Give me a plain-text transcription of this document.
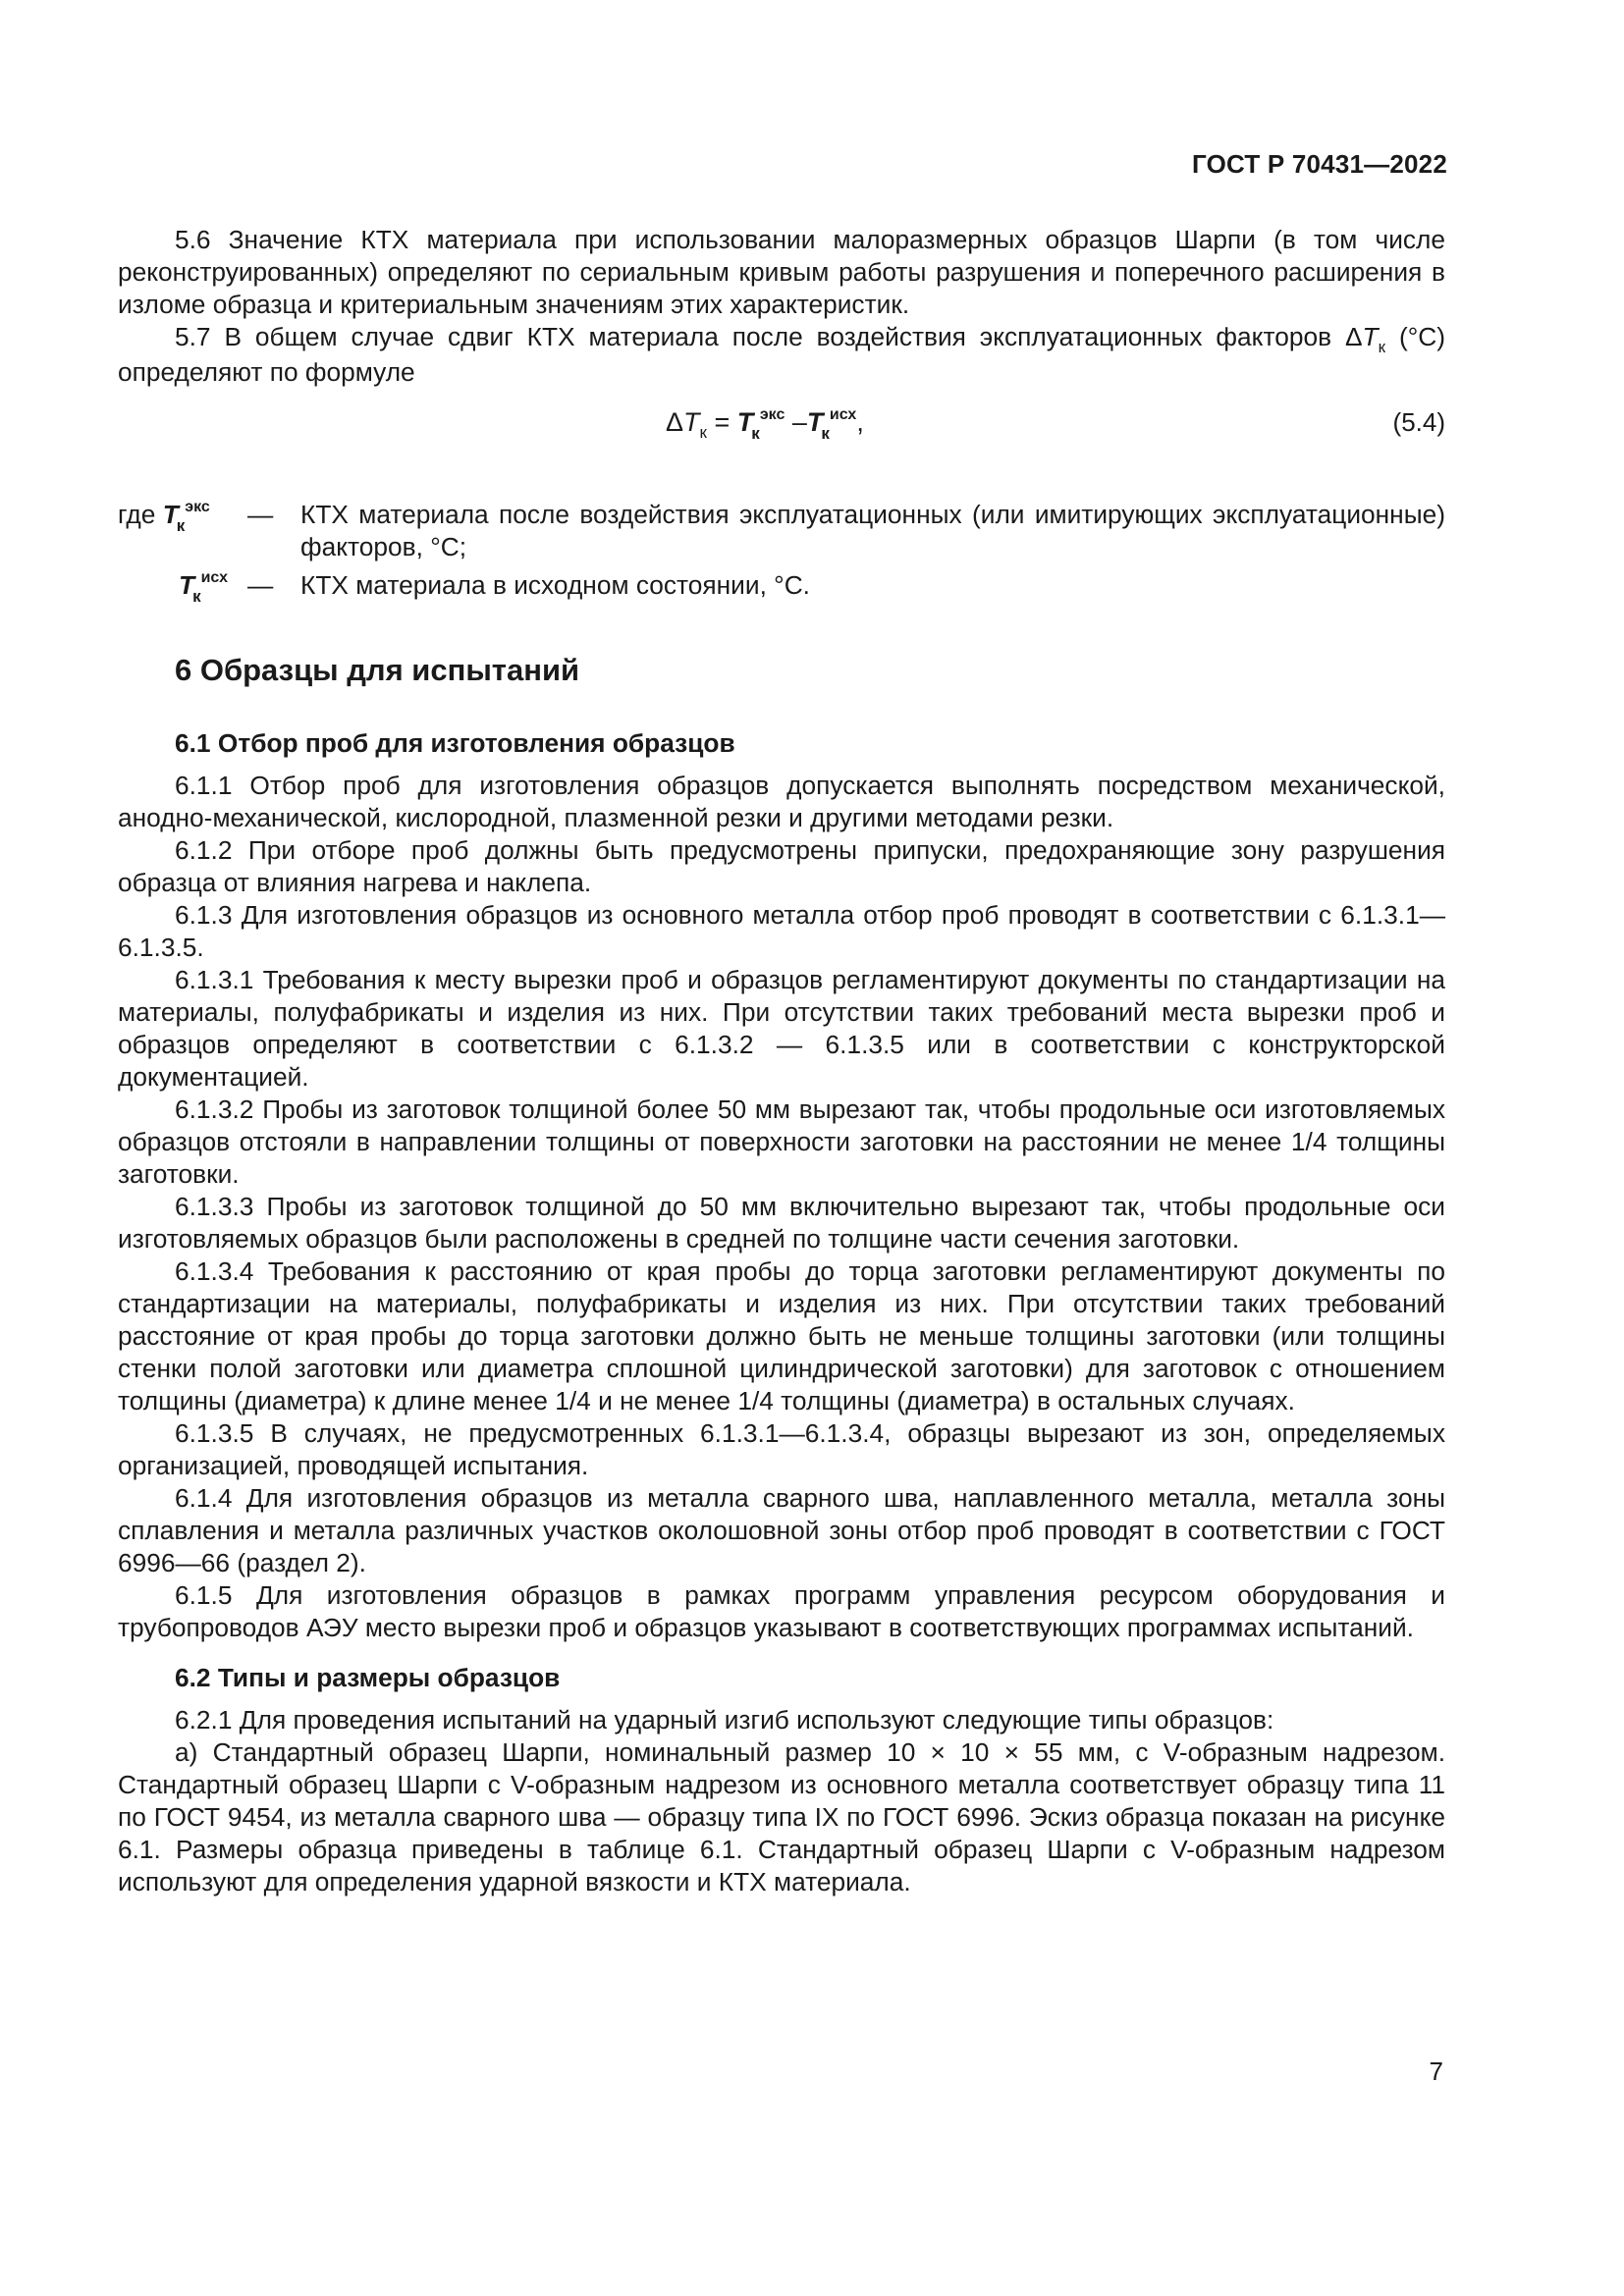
ГОСТ Р 70431—2022

5.6 Значение КТХ материала при использовании малоразмерных образцов Шарпи (в том числе реконструированных) определяют по сериальным кривым работы разрушения и поперечного расширения в изломе образца и критериальным значениям этих характеристик.

5.7 В общем случае сдвиг КТХ материала после воздействия эксплуатационных факторов $\Delta T_к$ (°C) определяют по формуле

$\Delta T_к = T_к^{экс}$ $-T_к^{исх}$,	(5.4)
где $T_к^{экс}$	—	КТХ материала после воздействия эксплуатационных (или имитирующих эксплуатационные) факторов, °C;
$T_к^{исх}$ —	КТХ материала в исходном состоянии, °C.
6 Образцы для испытаний
6.1 Отбор проб для изготовления образцов

6.1.1 Отбор проб для изготовления образцов допускается выполнять посредством механической, анодно-механической, кислородной, плазменной резки и другими методами резки.

6.1.2 При отборе проб должны быть предусмотрены припуски, предохраняющие зону разрушения образца от влияния нагрева и наклепа.

6.1.3 Для изготовления образцов из основного металла отбор проб проводят в соответствии с 6.1.3.1—6.1.3.5.

6.1.3.1 Требования к месту вырезки проб и образцов регламентируют документы по стандартизации на материалы, полуфабрикаты и изделия из них. При отсутствии таких требований места вырезки проб и образцов определяют в соответствии с 6.1.3.2 — 6.1.3.5 или в соответствии с конструкторской документацией.

6.1.3.2 Пробы из заготовок толщиной более 50 мм вырезают так, чтобы продольные оси изготовляемых образцов отстояли в направлении толщины от поверхности заготовки на расстоянии не менее 1/4 толщины заготовки.

6.1.3.3 Пробы из заготовок толщиной до 50 мм включительно вырезают так, чтобы продольные оси изготовляемых образцов были расположены в средней по толщине части сечения заготовки.

6.1.3.4 Требования к расстоянию от края пробы до торца заготовки регламентируют документы по стандартизации на материалы, полуфабрикаты и изделия из них. При отсутствии таких требований расстояние от края пробы до торца заготовки должно быть не меньше толщины заготовки (или толщины стенки полой заготовки или диаметра сплошной цилиндрической заготовки) для заготовок с отношением толщины (диаметра) к длине менее 1/4 и не менее 1/4 толщины (диаметра) в остальных случаях.

6.1.3.5 В случаях, не предусмотренных 6.1.3.1—6.1.3.4, образцы вырезают из зон, определяемых организацией, проводящей испытания.

6.1.4 Для изготовления образцов из металла сварного шва, наплавленного металла, металла зоны сплавления и металла различных участков околошовной зоны отбор проб проводят в соответствии с ГОСТ 6996—66 (раздел 2).

6.1.5 Для изготовления образцов в рамках программ управления ресурсом оборудования и трубопроводов АЭУ место вырезки проб и образцов указывают в соответствующих программах испытаний.

6.2 Типы и размеры образцов

6.2.1 Для проведения испытаний на ударный изгиб используют следующие типы образцов:

а) Стандартный образец Шарпи, номинальный размер 10 × 10 × 55 мм, с V-образным надрезом. Стандартный образец Шарпи с V-образным надрезом из основного металла соответствует образцу типа 11 по ГОСТ 9454, из металла сварного шва — образцу типа IX по ГОСТ 6996. Эскиз образца показан на рисунке 6.1. Размеры образца приведены в таблице 6.1. Стандартный образец Шарпи с V-образным надрезом используют для определения ударной вязкости и КТХ материала.

7
